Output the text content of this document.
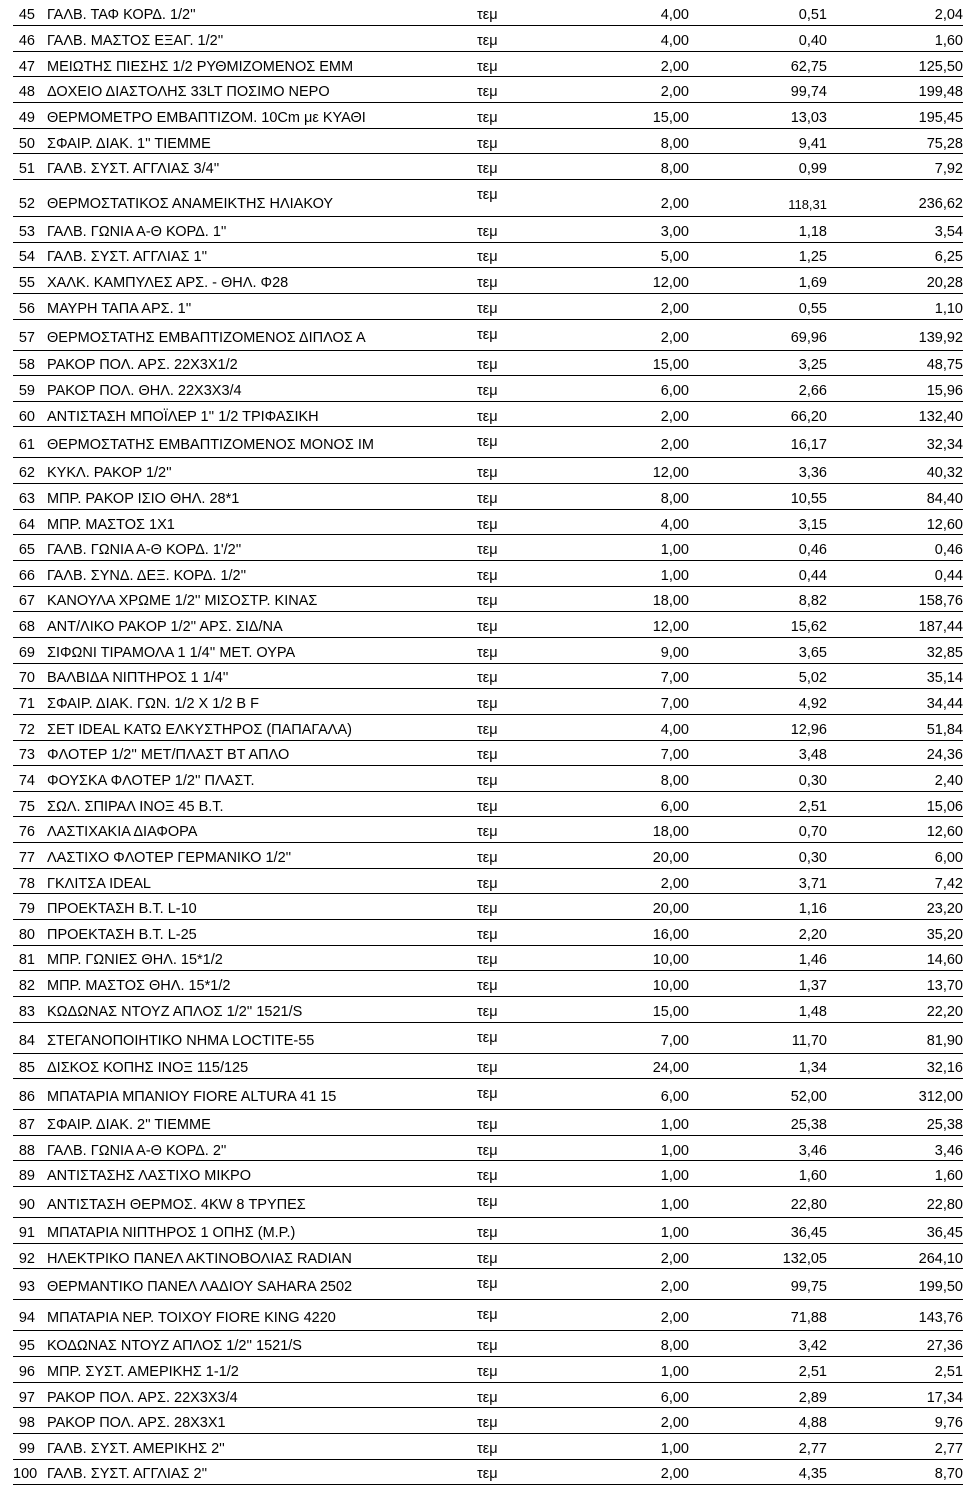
45	ΓΑΛΒ. ΤΑΦ ΚΟΡΔ. 1/2''	τεμ	4,00	0,51	2,04
46	ΓΑΛΒ. ΜΑΣΤΟΣ ΕΞΑΓ. 1/2''	τεμ	4,00	0,40	1,60
47	ΜΕΙΩΤΗΣ ΠΙΕΣΗΣ 1/2 ΡΥΘΜΙΖΟΜΕΝΟΣ ΕΜΜ	τεμ	2,00	62,75	125,50
48	ΔΟΧΕΙΟ ΔΙΑΣΤΟΛΗΣ 33LT ΠΟΣΙΜΟ ΝΕΡΟ	τεμ	2,00	99,74	199,48
49	ΘΕΡΜΟΜΕΤΡΟ ΕΜΒΑΠΤΙΖΟΜ. 10Cm με ΚΥΑΘΙ	τεμ	15,00	13,03	195,45
50	ΣΦΑΙΡ. ΔΙΑΚ. 1'' ΤΙΕΜΜΕ	τεμ	8,00	9,41	75,28
51	ΓΑΛΒ. ΣΥΣΤ. ΑΓΓΛΙΑΣ 3/4''	τεμ	8,00	0,99	7,92
52	ΘΕΡΜΟΣΤΑΤΙΚΟΣ ΑΝΑΜΕΙΚΤΗΣ ΗΛΙΑΚΟΥ	τεμ	2,00	118,31	236,62
53	ΓΑΛΒ. ΓΩΝΙΑ Α-Θ ΚΟΡΔ. 1''	τεμ	3,00	1,18	3,54
54	ΓΑΛΒ. ΣΥΣΤ. ΑΓΓΛΙΑΣ 1''	τεμ	5,00	1,25	6,25
55	ΧΑΛΚ. ΚΑΜΠΥΛΕΣ ΑΡΣ. - ΘΗΛ. Φ28	τεμ	12,00	1,69	20,28
56	ΜΑΥΡΗ ΤΑΠΑ ΑΡΣ. 1''	τεμ	2,00	0,55	1,10
57	ΘΕΡΜΟΣΤΑΤΗΣ ΕΜΒΑΠΤΙΖΟΜΕΝΟΣ ΔΙΠΛΟΣ Α	τεμ	2,00	69,96	139,92
58	ΡΑΚΟΡ ΠΟΛ. ΑΡΣ. 22Χ3Χ1/2	τεμ	15,00	3,25	48,75
59	ΡΑΚΟΡ ΠΟΛ. ΘΗΛ. 22Χ3Χ3/4	τεμ	6,00	2,66	15,96
60	ΑΝΤΙΣΤΑΣΗ ΜΠΟΪΛΕΡ 1'' 1/2 ΤΡΙΦΑΣΙΚΗ	τεμ	2,00	66,20	132,40
61	ΘΕΡΜΟΣΤΑΤΗΣ ΕΜΒΑΠΤΙΖΟΜΕΝΟΣ ΜΟΝΟΣ ΙΜ	τεμ	2,00	16,17	32,34
62	ΚΥΚΛ. ΡΑΚΟΡ 1/2''	τεμ	12,00	3,36	40,32
63	ΜΠΡ. ΡΑΚΟΡ ΙΣΙΟ ΘΗΛ. 28*1	τεμ	8,00	10,55	84,40
64	ΜΠΡ. ΜΑΣΤΟΣ 1Χ1	τεμ	4,00	3,15	12,60
65	ΓΑΛΒ. ΓΩΝΙΑ Α-Θ ΚΟΡΔ. 1'/2''	τεμ	1,00	0,46	0,46
66	ΓΑΛΒ. ΣΥΝΔ. ΔΕΞ. ΚΟΡΔ. 1/2''	τεμ	1,00	0,44	0,44
67	ΚΑΝΟΥΛΑ ΧΡΩΜΕ 1/2'' ΜΙΣΟΣΤΡ. ΚΙΝΑΣ	τεμ	18,00	8,82	158,76
68	ΑΝΤ/ΛΙΚΟ ΡΑΚΟΡ 1/2'' ΑΡΣ. ΣΙΔ/ΝΑ	τεμ	12,00	15,62	187,44
69	ΣΙΦΩΝΙ ΤΙΡΑΜΟΛΑ 1 1/4'' ΜΕΤ. ΟΥΡΑ	τεμ	9,00	3,65	32,85
70	ΒΑΛΒΙΔΑ ΝΙΠΤΗΡΟΣ 1 1/4''	τεμ	7,00	5,02	35,14
71	ΣΦΑΙΡ. ΔΙΑΚ. ΓΩΝ. 1/2 Χ 1/2 Β F	τεμ	7,00	4,92	34,44
72	ΣΕΤ IDEAL ΚΑΤΩ ΕΛΚΥΣΤΗΡΟΣ (ΠΑΠΑΓΑΛΑ)	τεμ	4,00	12,96	51,84
73	ΦΛΟΤΕΡ 1/2'' ΜΕΤ/ΠΛΑΣΤ ΒΤ ΑΠΛΟ	τεμ	7,00	3,48	24,36
74	ΦΟΥΣΚΑ ΦΛΟΤΕΡ 1/2'' ΠΛΑΣΤ.	τεμ	8,00	0,30	2,40
75	ΣΩΛ. ΣΠΙΡΑΛ ΙΝΟΞ 45 Β.Τ.	τεμ	6,00	2,51	15,06
76	ΛΑΣΤΙΧΑΚΙΑ ΔΙΑΦΟΡΑ	τεμ	18,00	0,70	12,60
77	ΛΑΣΤΙΧΟ ΦΛΟΤΕΡ ΓΕΡΜΑΝΙΚΟ 1/2''	τεμ	20,00	0,30	6,00
78	ΓΚΛΙΤΣΑ IDEAL	τεμ	2,00	3,71	7,42
79	ΠΡΟΕΚΤΑΣΗ Β.Τ. L-10	τεμ	20,00	1,16	23,20
80	ΠΡΟΕΚΤΑΣΗ Β.Τ. L-25	τεμ	16,00	2,20	35,20
81	ΜΠΡ. ΓΩΝΙΕΣ ΘΗΛ. 15*1/2	τεμ	10,00	1,46	14,60
82	ΜΠΡ. ΜΑΣΤΟΣ ΘΗΛ. 15*1/2	τεμ	10,00	1,37	13,70
83	ΚΩΔΩΝΑΣ ΝΤΟΥΖ ΑΠΛΟΣ 1/2'' 1521/S	τεμ	15,00	1,48	22,20
84	ΣΤΕΓΑΝΟΠΟΙΗΤΙΚΟ ΝΗΜΑ LOCTITE-55	τεμ	7,00	11,70	81,90
85	ΔΙΣΚΟΣ ΚΟΠΗΣ ΙΝΟΞ 115/125	τεμ	24,00	1,34	32,16
86	ΜΠΑΤΑΡΙΑ ΜΠΑΝΙΟΥ FIORE ALTURA 41 15	τεμ	6,00	52,00	312,00
87	ΣΦΑΙΡ. ΔΙΑΚ. 2'' ΤΙΕΜΜΕ	τεμ	1,00	25,38	25,38
88	ΓΑΛΒ. ΓΩΝΙΑ Α-Θ ΚΟΡΔ. 2''	τεμ	1,00	3,46	3,46
89	ΑΝΤΙΣΤΑΣΗΣ ΛΑΣΤΙΧΟ ΜΙΚΡΟ	τεμ	1,00	1,60	1,60
90	ΑΝΤΙΣΤΑΣΗ ΘΕΡΜΟΣ. 4KW 8 ΤΡΥΠΕΣ	τεμ	1,00	22,80	22,80
91	ΜΠΑΤΑΡΙΑ ΝΙΠΤΗΡΟΣ 1 ΟΠΗΣ (Μ.Ρ.)	τεμ	1,00	36,45	36,45
92	ΗΛΕΚΤΡΙΚΟ ΠΑΝΕΛ ΑΚΤΙΝΟΒΟΛΙΑΣ RADIAN	τεμ	2,00	132,05	264,10
93	ΘΕΡΜΑΝΤΙΚΟ ΠΑΝΕΛ ΛΑΔΙΟΥ SAHARA 2502	τεμ	2,00	99,75	199,50
94	ΜΠΑΤΑΡΙΑ ΝΕΡ. ΤΟΙΧΟΥ FIORE KING 4220	τεμ	2,00	71,88	143,76
95	ΚΟΔΩΝΑΣ ΝΤΟΥΖ ΑΠΛΟΣ 1/2'' 1521/S	τεμ	8,00	3,42	27,36
96	ΜΠΡ. ΣΥΣΤ. ΑΜΕΡΙΚΗΣ 1-1/2	τεμ	1,00	2,51	2,51
97	ΡΑΚΟΡ ΠΟΛ. ΑΡΣ. 22Χ3Χ3/4	τεμ	6,00	2,89	17,34
98	ΡΑΚΟΡ ΠΟΛ. ΑΡΣ. 28Χ3Χ1	τεμ	2,00	4,88	9,76
99	ΓΑΛΒ. ΣΥΣΤ. ΑΜΕΡΙΚΗΣ 2''	τεμ	1,00	2,77	2,77
100	ΓΑΛΒ. ΣΥΣΤ. ΑΓΓΛΙΑΣ 2''	τεμ	2,00	4,35	8,70
